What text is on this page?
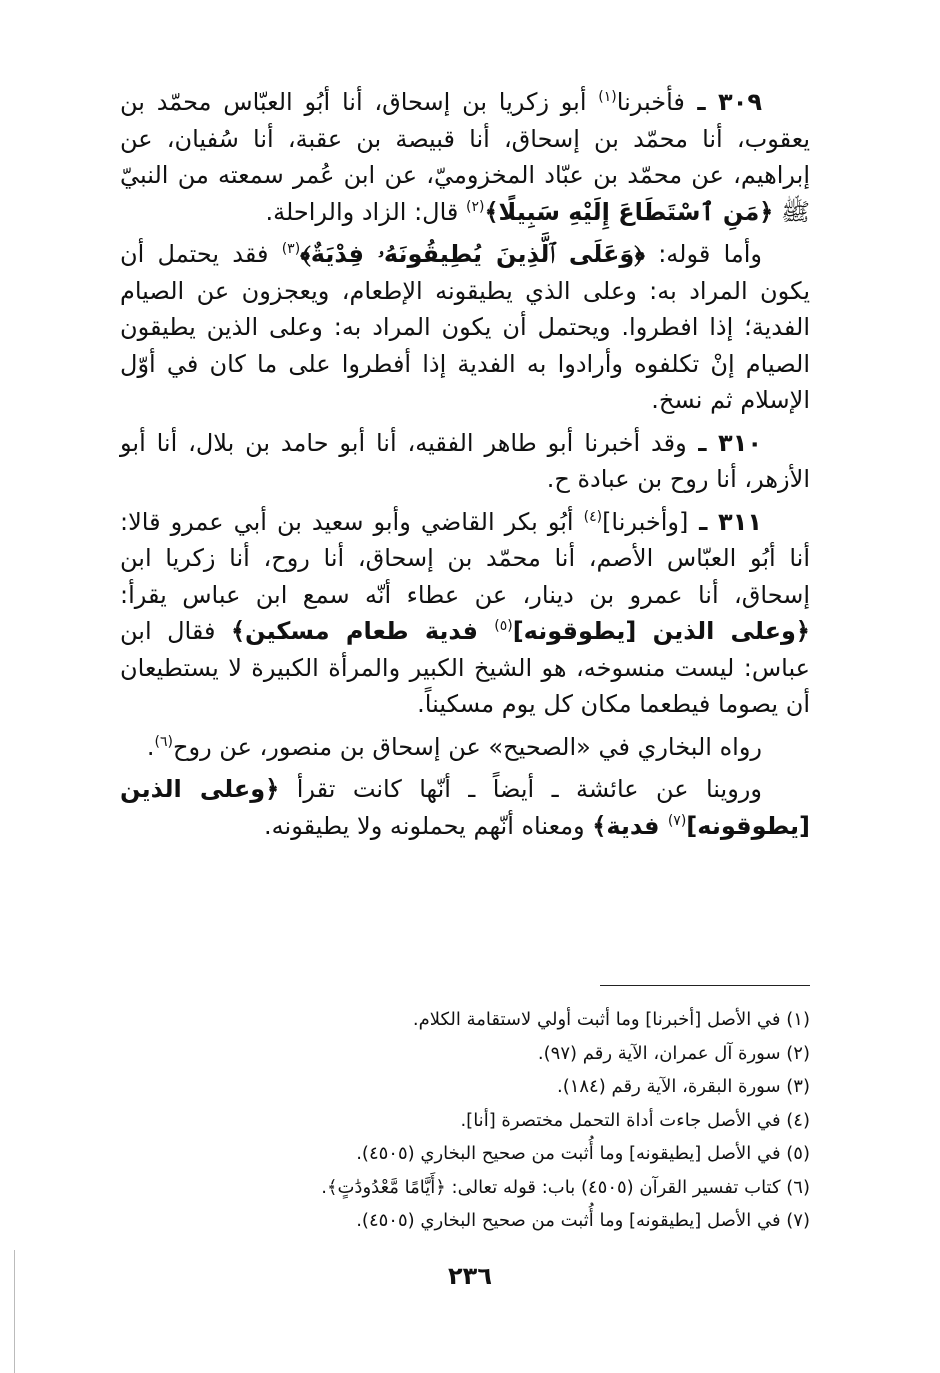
٣٠٩ ـ فأخبرنا$^{(١)}$ أبو زكريا بن إسحاق، أنا أبُو العبّاس محمّد بن يعقوب، أنا محمّد بن إسحاق، أنا قبيصة بن عقبة، أنا سُفيان، عن إبراهيم، عن محمّد بن عبّاد المخزوميّ، عن ابن عُمر سمعته من النبيّ ﷺ ﴿مَنِ ٱسْتَطَاعَ إِلَيْهِ سَبِيلًا﴾$^{(٢)}$ قال: الزاد والراحلة.

وأما قوله: ﴿وَعَلَى ٱلَّذِينَ يُطِيقُونَهُۥ فِدْيَةٌ﴾$^{(٣)}$ فقد يحتمل أن يكون المراد به: وعلى الذي يطيقونه الإطعام، ويعجزون عن الصيام الفدية؛ إذا افطروا. ويحتمل أن يكون المراد به: وعلى الذين يطيقون الصيام إنْ تكلفوه وأرادوا به الفدية إذا أفطروا على ما كان في أوّل الإسلام ثم نسخ.

٣١٠ ـ وقد أخبرنا أبو طاهر الفقيه، أنا أبو حامد بن بلال، أنا أبو الأزهر، أنا روح بن عبادة ح.

٣١١ ـ [وأخبرنا]$^{(٤)}$ أبُو بكر القاضي وأبو سعيد بن أبي عمرو قالا: أنا أبُو العبّاس الأصم، أنا محمّد بن إسحاق، أنا روح، أنا زكريا ابن إسحاق، أنا عمرو بن دينار، عن عطاء أنّه سمع ابن عباس يقرأ: ﴿وعلى الذين [يطوقونه]$^{(٥)}$ فدية طعام مسكين﴾ فقال ابن عباس: ليست منسوخه، هو الشيخ الكبير والمرأة الكبيرة لا يستطيعان أن يصوما فيطعما مكان كل يوم مسكيناً.

رواه البخاري في «الصحيح» عن إسحاق بن منصور، عن روح$^{(٦)}$.

وروينا عن عائشة ـ أيضاً ـ أنّها كانت تقرأ ﴿وعلى الذين [يطوقونه]$^{(٧)}$ فدية﴾ ومعناه أنّهم يحملونه ولا يطيقونه.

(١) في الأصل [أخبرنا] وما أثبت أولي لاستقامة الكلام.
(٢) سورة آل عمران، الآية رقم (٩٧).
(٣) سورة البقرة، الآية رقم (١٨٤).
(٤) في الأصل جاءت أداة التحمل مختصرة [أنا].
(٥) في الأصل [يطيقونه] وما أُثبت من صحيح البخاري (٤٥٠٥).
(٦) كتاب تفسير القرآن (٤٥٠٥) باب: قوله تعالى: ﴿أَيَّامًا مَّعْدُودَٰتٍ﴾.
(٧) في الأصل [يطيقونه] وما أُثبت من صحيح البخاري (٤٥٠٥).
٢٣٦
